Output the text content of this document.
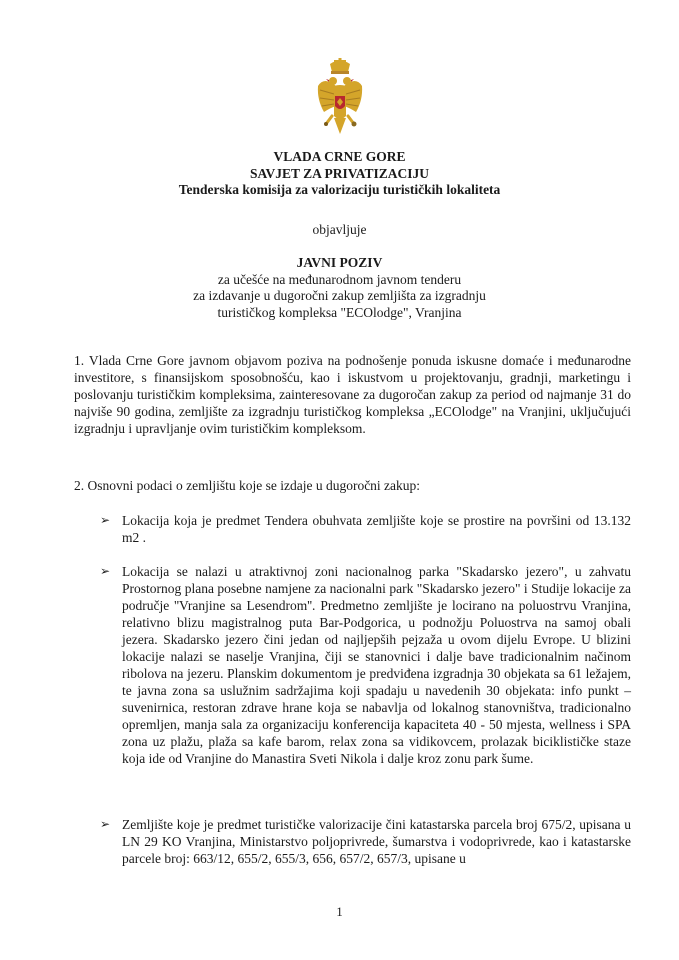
VLADA CRNE GORE
SAVJET ZA PRIVATIZACIJU
Tenderska komisija za valorizaciju turističkih lokaliteta
objavljuje
JAVNI POZIV
za učešće na međunarodnom javnom tenderu
za izdavanje u dugoročni zakup zemljišta za izgradnju
turističkog kompleksa "ECOlodge", Vranjina
1. Vlada Crne Gore javnom objavom poziva na podnošenje ponuda iskusne domaće i međunarodne investitore, s finansijskom sposobnošću, kao i iskustvom u projektovanju, gradnji, marketingu i poslovanju turističkim kompleksima, zainteresovane za dugoročan zakup za period od najmanje 31 do najviše 90 godina, zemljište za izgradnju turističkog kompleksa „ECOlodge" na Vranjini, uključujući izgradnju i upravljanje ovim turističkim kompleksom.
2. Osnovni podaci o zemljištu koje se izdaje u dugoročni zakup:
➢ Lokacija koja je predmet Tendera obuhvata zemljište koje se prostire na površini od 13.132 m2 .
➢ Lokacija se nalazi u atraktivnoj zoni nacionalnog parka "Skadarsko jezero", u zahvatu Prostornog plana posebne namjene za nacionalni park "Skadarsko jezero" i Studije lokacije za područje ''Vranjine sa Lesendrom''. Predmetno zemljište je locirano na poluostrvu Vranjina, relativno blizu magistralnog puta Bar-Podgorica, u podnožju Poluostrva na samoj obali jezera. Skadarsko jezero čini jedan od najljepših pejzaža u ovom dijelu Evrope. U blizini lokacije nalazi se naselje Vranjina, čiji se stanovnici i dalje bave tradicionalnim načinom ribolova na jezeru. Planskim dokumentom je predviđena izgradnja 30 objekata sa 61 ležajem, te javna zona sa uslužnim sadržajima koji spadaju u navedenih 30 objekata: info punkt – suvenirnica, restoran zdrave hrane koja se nabavlja od lokalnog stanovništva, tradicionalno opremljen, manja sala za organizaciju konferencija kapaciteta 40 - 50 mjesta, wellness i SPA zona uz plažu, plaža sa kafe barom, relax zona sa vidikovcem, prolazak biciklističke staze koja ide od Vranjine do Manastira Sveti Nikola i dalje kroz zonu park šume.
➢ Zemljište koje je predmet turističke valorizacije čini katastarska parcela broj 675/2, upisana u LN 29 KO Vranjina, Ministarstvo poljoprivrede, šumarstva i vodoprivrede, kao i katastarske parcele broj: 663/12, 655/2, 655/3, 656, 657/2, 657/3, upisane u
1
